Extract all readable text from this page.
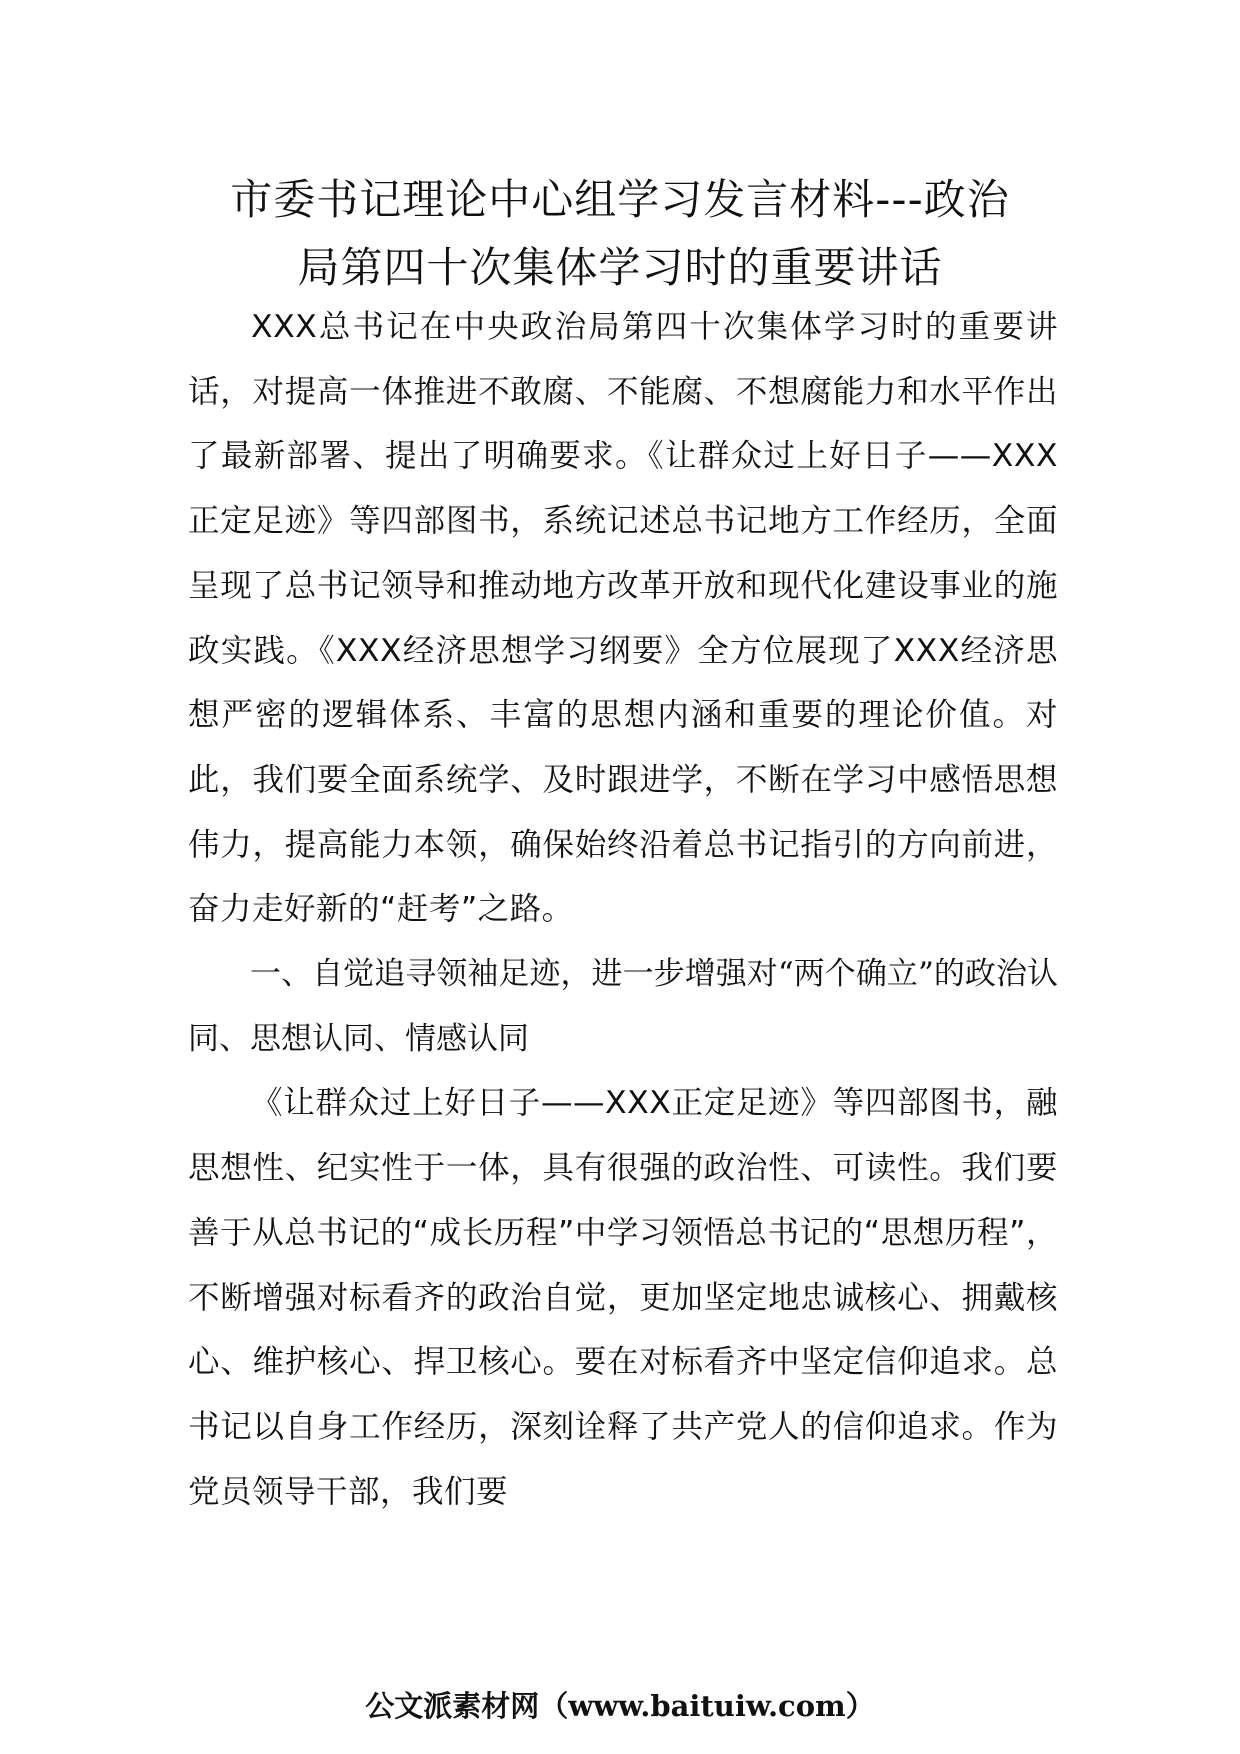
市委书记理论中心组学习发言材料---政治
局第四十次集体学习时的重要讲话

XXX总书记在中央政治局第四十次集体学习时的重要讲话，对提高一体推进不敢腐、不能腐、不想腐能力和水平作出了最新部署、提出了明确要求。《让群众过上好日子——XXX正定足迹》等四部图书，系统记述总书记地方工作经历，全面呈现了总书记领导和推动地方改革开放和现代化建设事业的施政实践。《XXX经济思想学习纲要》全方位展现了XXX经济思想严密的逻辑体系、丰富的思想内涵和重要的理论价值。对此，我们要全面系统学、及时跟进学，不断在学习中感悟思想伟力，提高能力本领，确保始终沿着总书记指引的方向前进，奋力走好新的“赶考”之路。

一、自觉追寻领袖足迹，进一步增强对“两个确立”的政治认同、思想认同、情感认同

《让群众过上好日子——XXX正定足迹》等四部图书，融思想性、纪实性于一体，具有很强的政治性、可读性。我们要善于从总书记的“成长历程”中学习领悟总书记的“思想历程”，不断增强对标看齐的政治自觉，更加坚定地忠诚核心、拥戴核心、维护核心、捍卫核心。要在对标看齐中坚定信仰追求。总书记以自身工作经历，深刻诠释了共产党人的信仰追求。作为党员领导干部，我们要

公文派素材网（www.baituiw.com）
